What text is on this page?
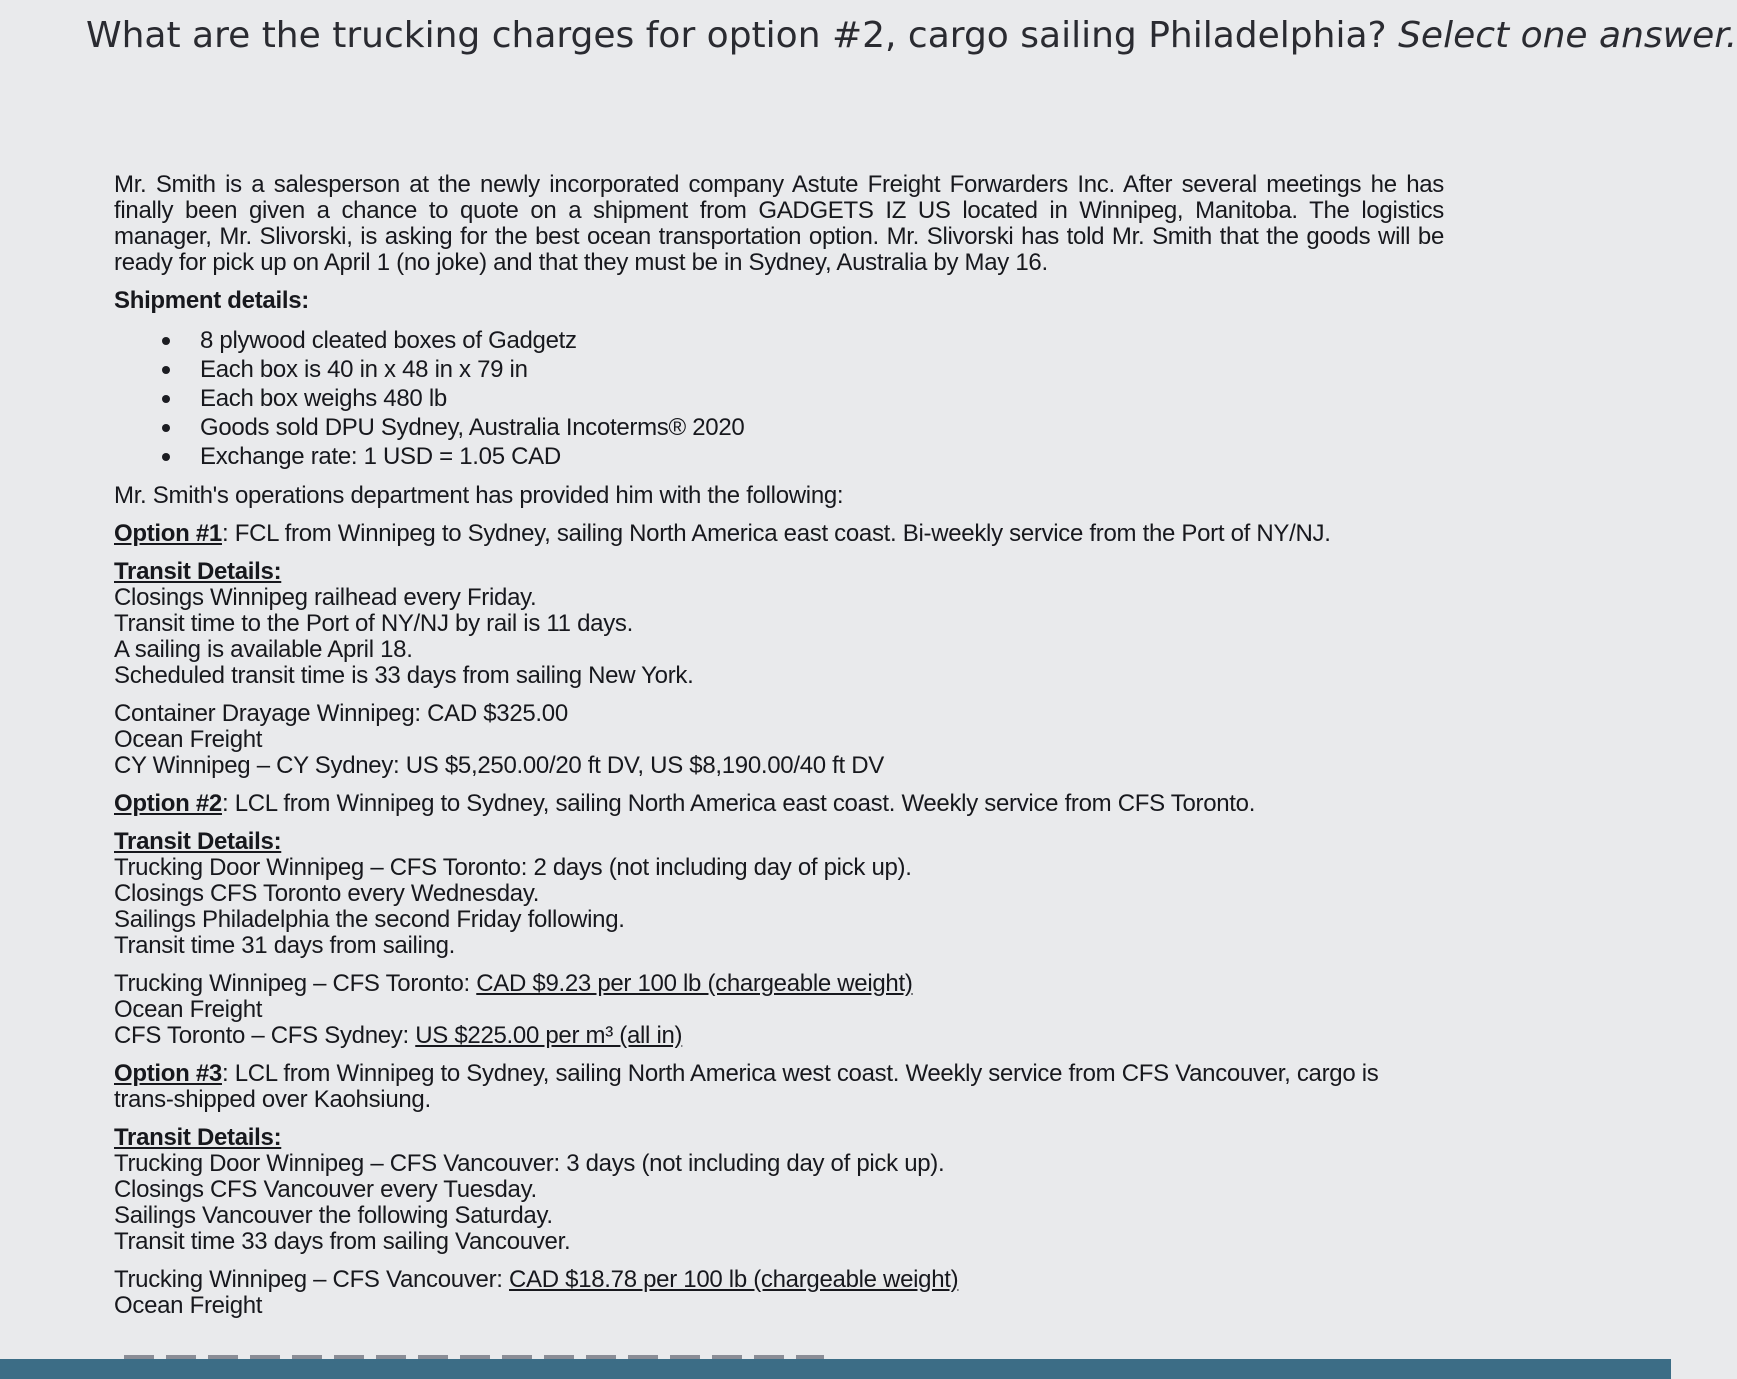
What are the trucking charges for option #2, cargo sailing Philadelphia? Select one answer.

Mr. Smith is a salesperson at the newly incorporated company Astute Freight Forwarders Inc. After several meetings he has finally been given a chance to quote on a shipment from GADGETS IZ US located in Winnipeg, Manitoba. The logistics manager, Mr. Slivorski, is asking for the best ocean transportation option. Mr. Slivorski has told Mr. Smith that the goods will be ready for pick up on April 1 (no joke) and that they must be in Sydney, Australia by May 16.

Shipment details:
8 plywood cleated boxes of Gadgetz
Each box is 40 in x 48 in x 79 in
Each box weighs 480 lb
Goods sold DPU Sydney, Australia Incoterms® 2020
Exchange rate: 1 USD = 1.05 CAD

Mr. Smith's operations department has provided him with the following:

Option #1: FCL from Winnipeg to Sydney, sailing North America east coast. Bi-weekly service from the Port of NY/NJ.
Transit Details:
Closings Winnipeg railhead every Friday.
Transit time to the Port of NY/NJ by rail is 11 days.
A sailing is available April 18.
Scheduled transit time is 33 days from sailing New York.
Container Drayage Winnipeg: CAD $325.00
Ocean Freight
CY Winnipeg – CY Sydney: US $5,250.00/20 ft DV, US $8,190.00/40 ft DV
Option #2: LCL from Winnipeg to Sydney, sailing North America east coast. Weekly service from CFS Toronto.
Transit Details:
Trucking Door Winnipeg – CFS Toronto: 2 days (not including day of pick up).
Closings CFS Toronto every Wednesday.
Sailings Philadelphia the second Friday following.
Transit time 31 days from sailing.
Trucking Winnipeg – CFS Toronto: CAD $9.23 per 100 lb (chargeable weight)
Ocean Freight
CFS Toronto – CFS Sydney: US $225.00 per m³ (all in)
Option #3: LCL from Winnipeg to Sydney, sailing North America west coast. Weekly service from CFS Vancouver, cargo is trans-shipped over Kaohsiung.
Transit Details:
Trucking Door Winnipeg – CFS Vancouver: 3 days (not including day of pick up).
Closings CFS Vancouver every Tuesday.
Sailings Vancouver the following Saturday.
Transit time 33 days from sailing Vancouver.
Trucking Winnipeg – CFS Vancouver: CAD $18.78 per 100 lb (chargeable weight)
Ocean Freight
